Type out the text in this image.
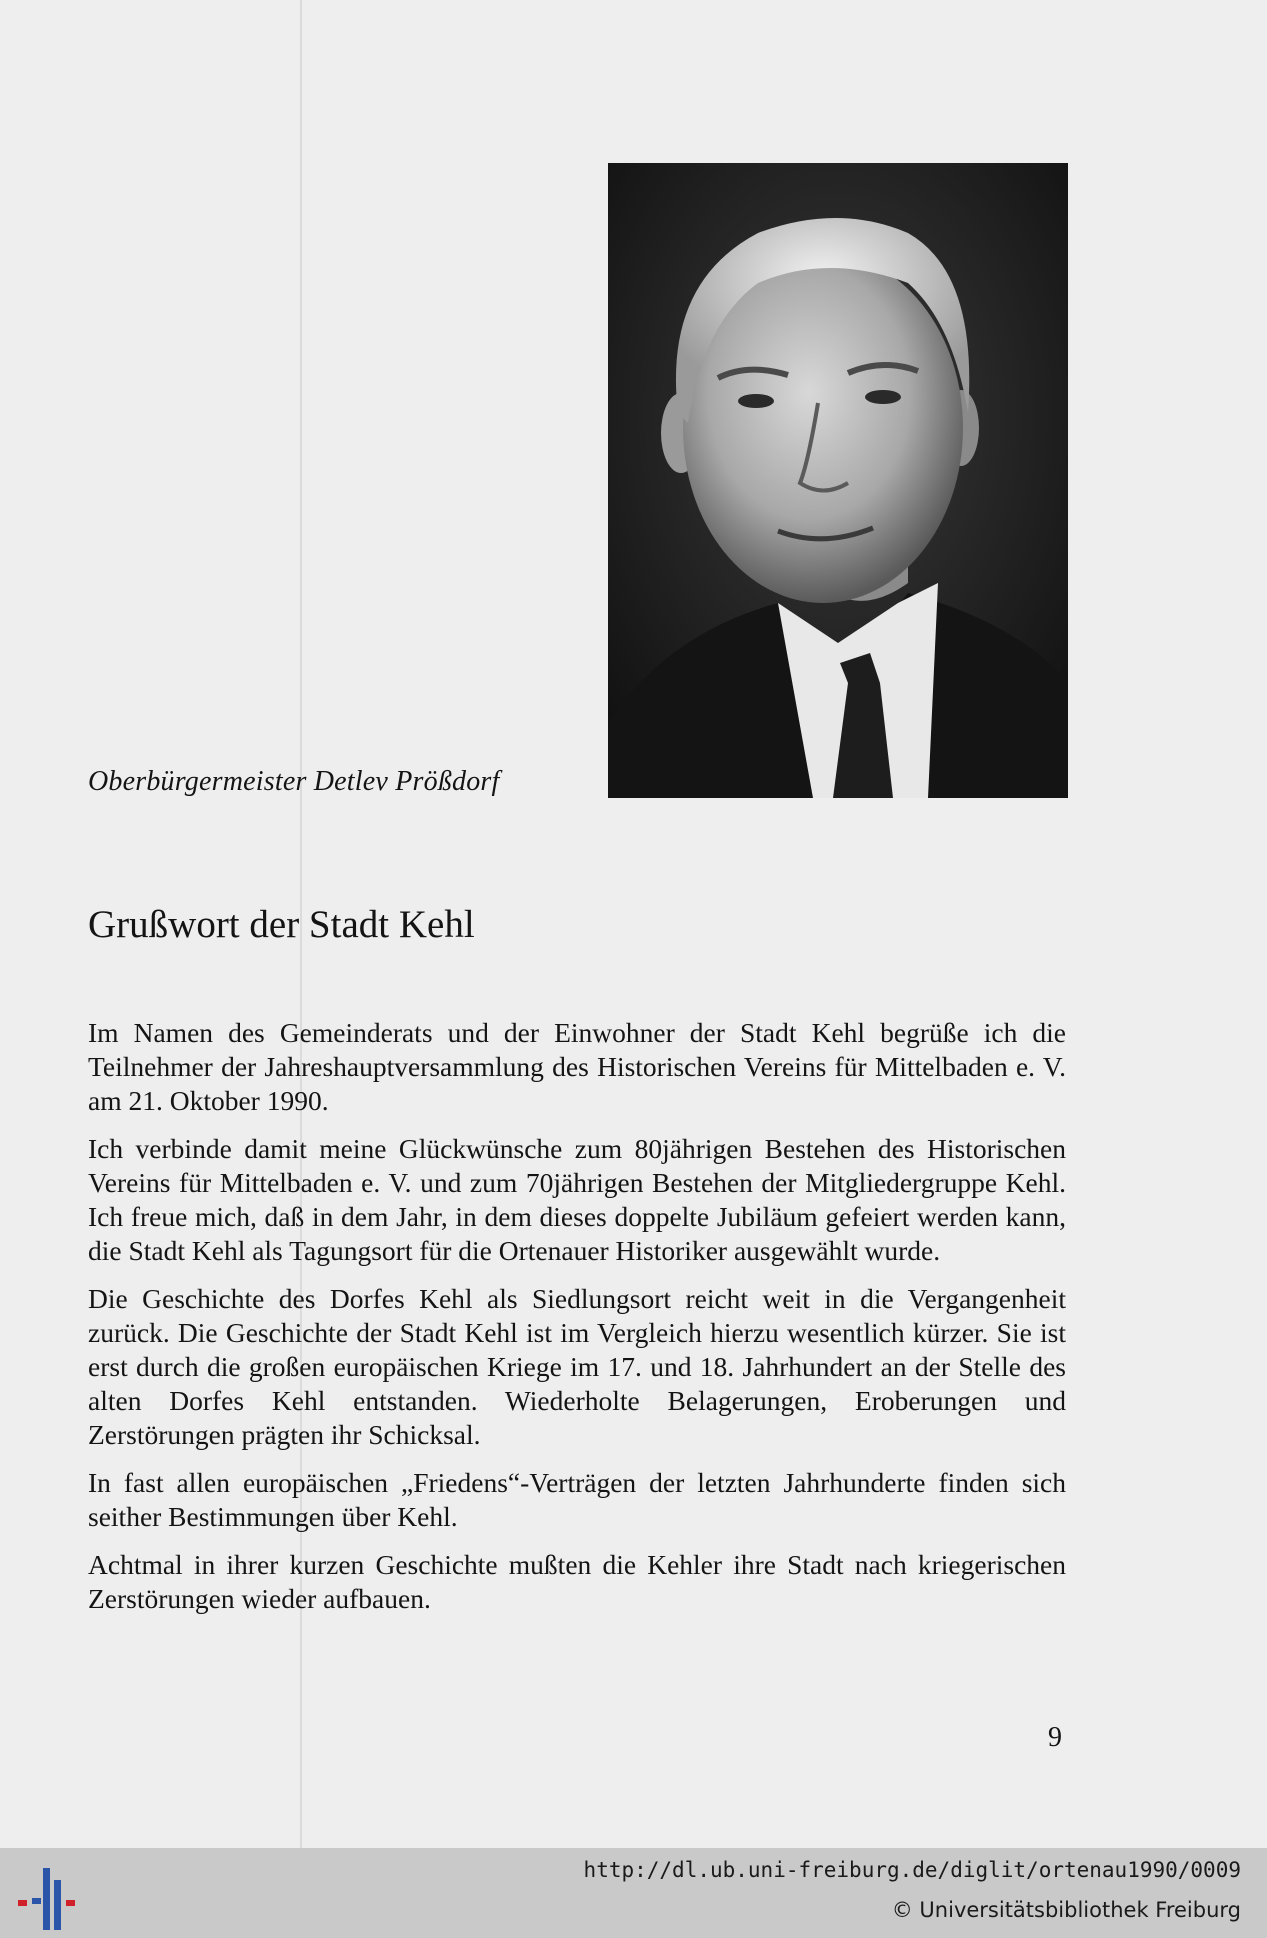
Oberbürgermeister Detlev Prößdorf
Grußwort der Stadt Kehl

Im Namen des Gemeinderats und der Einwohner der Stadt Kehl begrüße ich die Teilnehmer der Jahreshauptversammlung des Historischen Vereins für Mittelbaden e. V. am 21. Oktober 1990.

Ich verbinde damit meine Glückwünsche zum 80jährigen Bestehen des Historischen Vereins für Mittelbaden e. V. und zum 70jährigen Bestehen der Mitgliedergruppe Kehl. Ich freue mich, daß in dem Jahr, in dem dieses doppelte Jubiläum gefeiert werden kann, die Stadt Kehl als Tagungsort für die Ortenauer Historiker ausgewählt wurde.

Die Geschichte des Dorfes Kehl als Siedlungsort reicht weit in die Vergangenheit zurück. Die Geschichte der Stadt Kehl ist im Vergleich hierzu wesentlich kürzer. Sie ist erst durch die großen europäischen Kriege im 17. und 18. Jahrhundert an der Stelle des alten Dorfes Kehl entstanden. Wiederholte Belagerungen, Eroberungen und Zerstörungen prägten ihr Schicksal.

In fast allen europäischen „Friedens“-Verträgen der letzten Jahrhunderte finden sich seither Bestimmungen über Kehl.

Achtmal in ihrer kurzen Geschichte mußten die Kehler ihre Stadt nach kriegerischen Zerstörungen wieder aufbauen.

9
http://dl.ub.uni-freiburg.de/diglit/ortenau1990/0009
© Universitätsbibliothek Freiburg
